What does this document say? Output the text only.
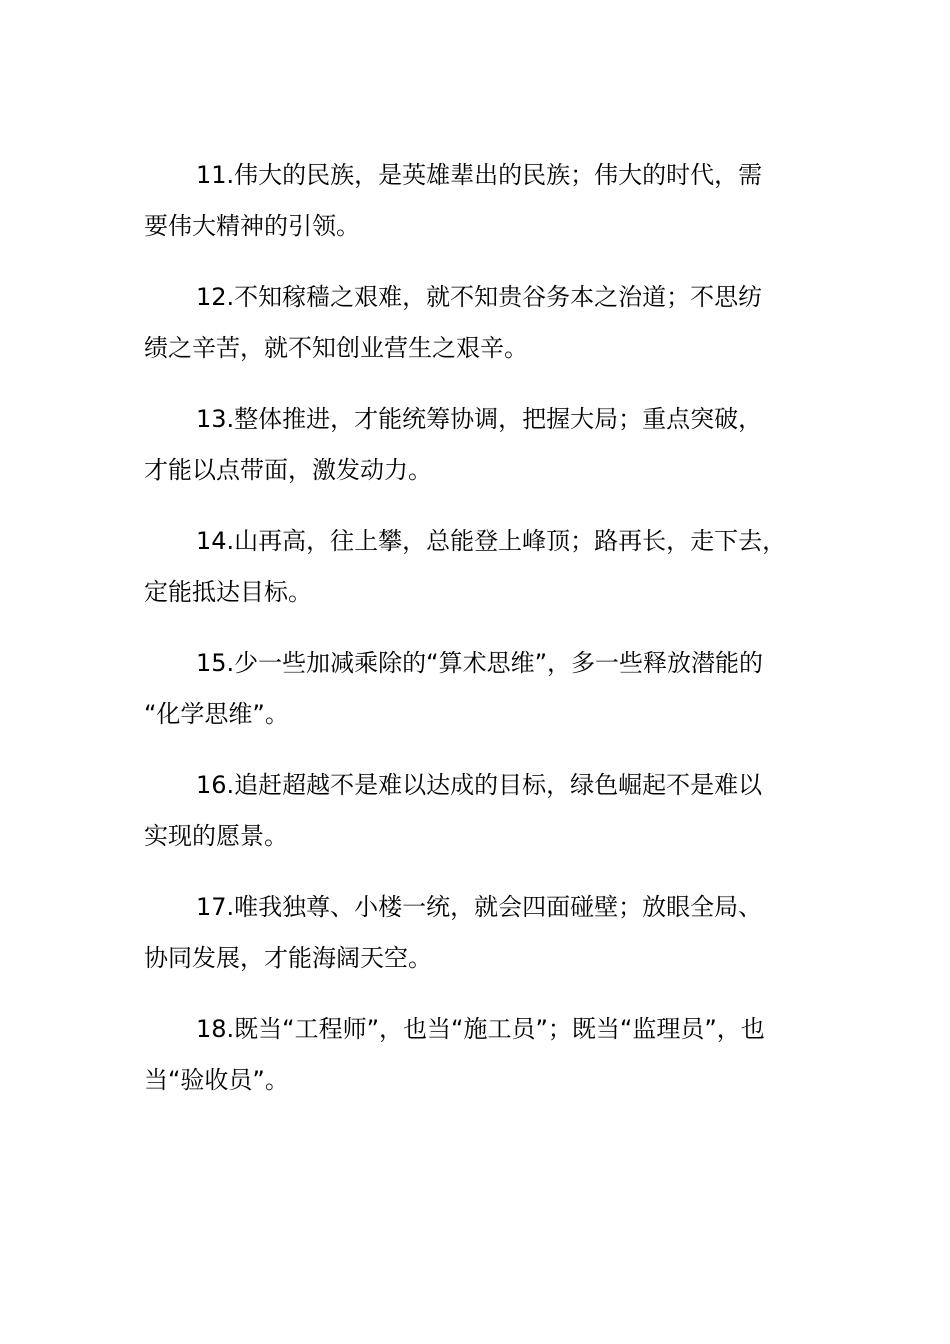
11.伟大的民族，是英雄辈出的民族；伟大的时代，需
要伟大精神的引领。

12.不知稼穑之艰难，就不知贵谷务本之治道；不思纺
绩之辛苦，就不知创业营生之艰辛。

13.整体推进，才能统筹协调，把握大局；重点突破，
才能以点带面，激发动力。

14.山再高，往上攀，总能登上峰顶；路再长，走下去，
定能抵达目标。

15.少一些加减乘除的“算术思维”，多一些释放潜能的
“化学思维”。

16.追赶超越不是难以达成的目标，绿色崛起不是难以
实现的愿景。

17.唯我独尊、小楼一统，就会四面碰壁；放眼全局、
协同发展，才能海阔天空。

18.既当“工程师”，也当“施工员”；既当“监理员”，也
当“验收员”。
